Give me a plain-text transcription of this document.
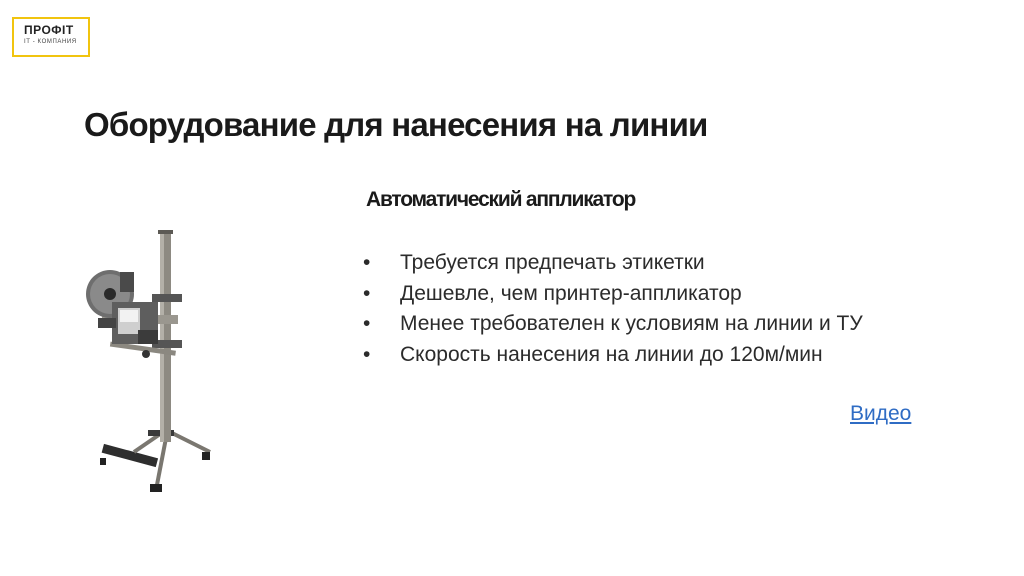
ПРОФІТ
IT - КОМПАНИЯ
Оборудование для нанесения на линии
Автоматический аппликатор
•	Требуется предпечать этикетки
•	Дешевле, чем принтер-аппликатор
•	Менее требователен к условиям на линии и ТУ
•	Скорость нанесения на линии до 120м/мин
Видео
